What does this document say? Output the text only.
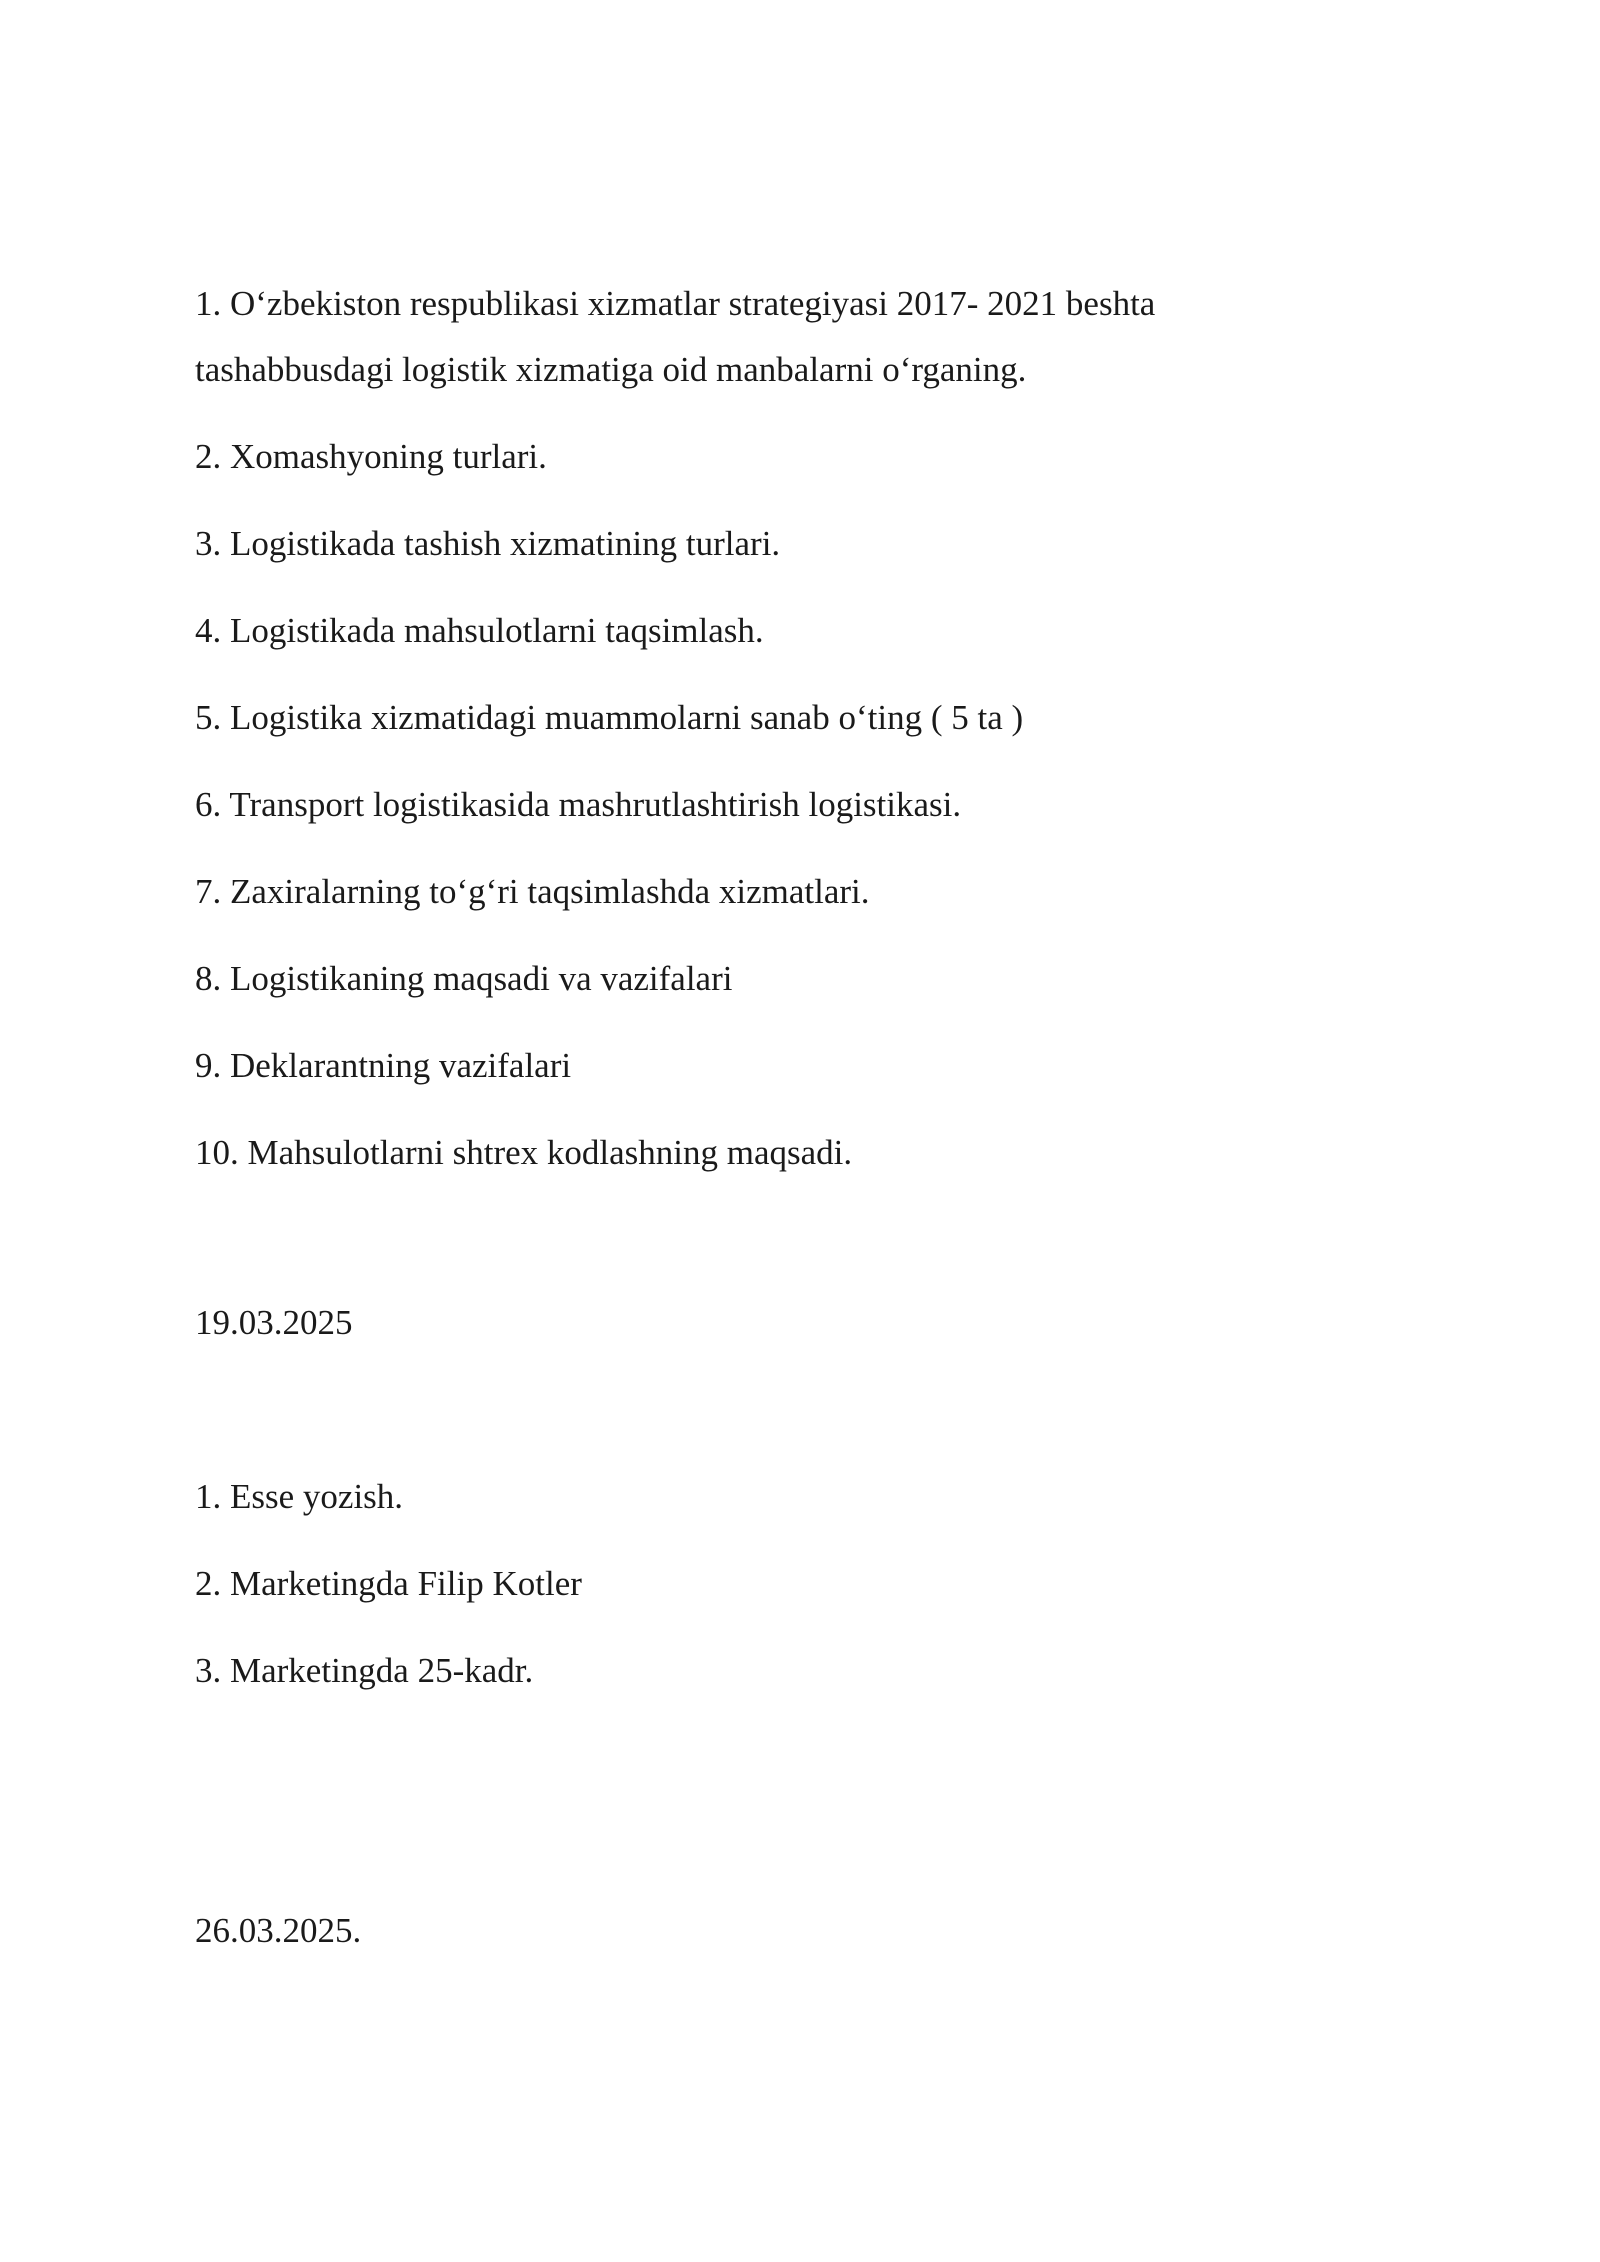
1. O‘zbekiston respublikasi xizmatlar strategiyasi 2017- 2021 beshta tashabbusdagi logistik xizmatiga oid manbalarni o‘rganing.

2. Xomashyoning turlari.

3. Logistikada tashish xizmatining turlari.

4. Logistikada mahsulotlarni taqsimlash.

5. Logistika xizmatidagi muammolarni sanab o‘ting ( 5 ta )

6. Transport logistikasida mashrutlashtirish logistikasi.

7. Zaxiralarning to‘g‘ri taqsimlashda xizmatlari.

8. Logistikaning maqsadi va vazifalari

9. Deklarantning vazifalari

10. Mahsulotlarni shtrex kodlashning maqsadi.

19.03.2025

1. Esse yozish.

2. Marketingda Filip Kotler

3. Marketingda 25-kadr.

26.03.2025.
